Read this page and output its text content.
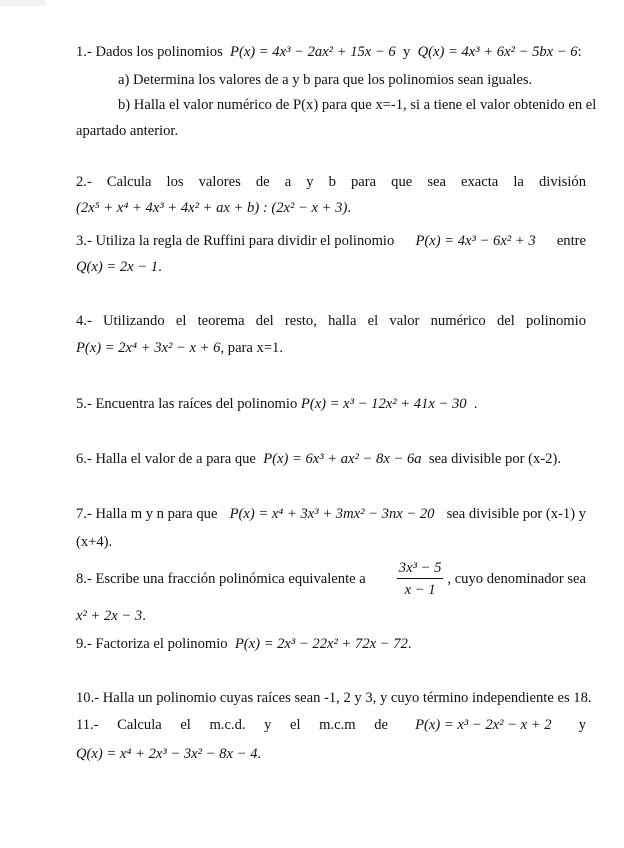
1.- Dados los polinomios P(x) = 4x³ − 2ax² + 15x − 6 y Q(x) = 4x³ + 6x² − 5bx − 6:
a) Determina los valores de a y b para que los polinomios sean iguales.
b) Halla el valor numérico de P(x) para que x=-1, si a tiene el valor obtenido en el
apartado anterior.
2.- Calcula los valores de a y b para que sea exacta la división
(2x⁵ + x⁴ + 4x³ + 4x² + ax + b) : (2x² − x + 3).
3.- Utiliza la regla de Ruffini para dividir el polinomio P(x) = 4x³ − 6x² + 3 entre
Q(x) = 2x − 1.
4.- Utilizando el teorema del resto, halla el valor numérico del polinomio
P(x) = 2x⁴ + 3x² − x + 6, para x=1.
5.- Encuentra las raíces del polinomio P(x) = x³ − 12x² + 41x − 30 .
6.- Halla el valor de a para que P(x) = 6x³ + ax² − 8x − 6a sea divisible por (x-2).
7.- Halla m y n para que P(x) = x⁴ + 3x³ + 3mx² − 3nx − 20 sea divisible por (x-1) y
(x+4).
8.- Escribe una fracción polinómica equivalente a $\frac{\text{3x³ − 5}}{x - 1}$ , cuyo denominador sea
x² + 2x − 3.
9.- Factoriza el polinomio P(x) = 2x³ − 22x² + 72x − 72.
10.- Halla un polinomio cuyas raíces sean -1, 2 y 3, y cuyo término independiente es 18.
11.- Calcula el m.c.d. y el m.c.m de P(x) = x³ − 2x² − x + 2 y
Q(x) = x⁴ + 2x³ − 3x² − 8x − 4.
